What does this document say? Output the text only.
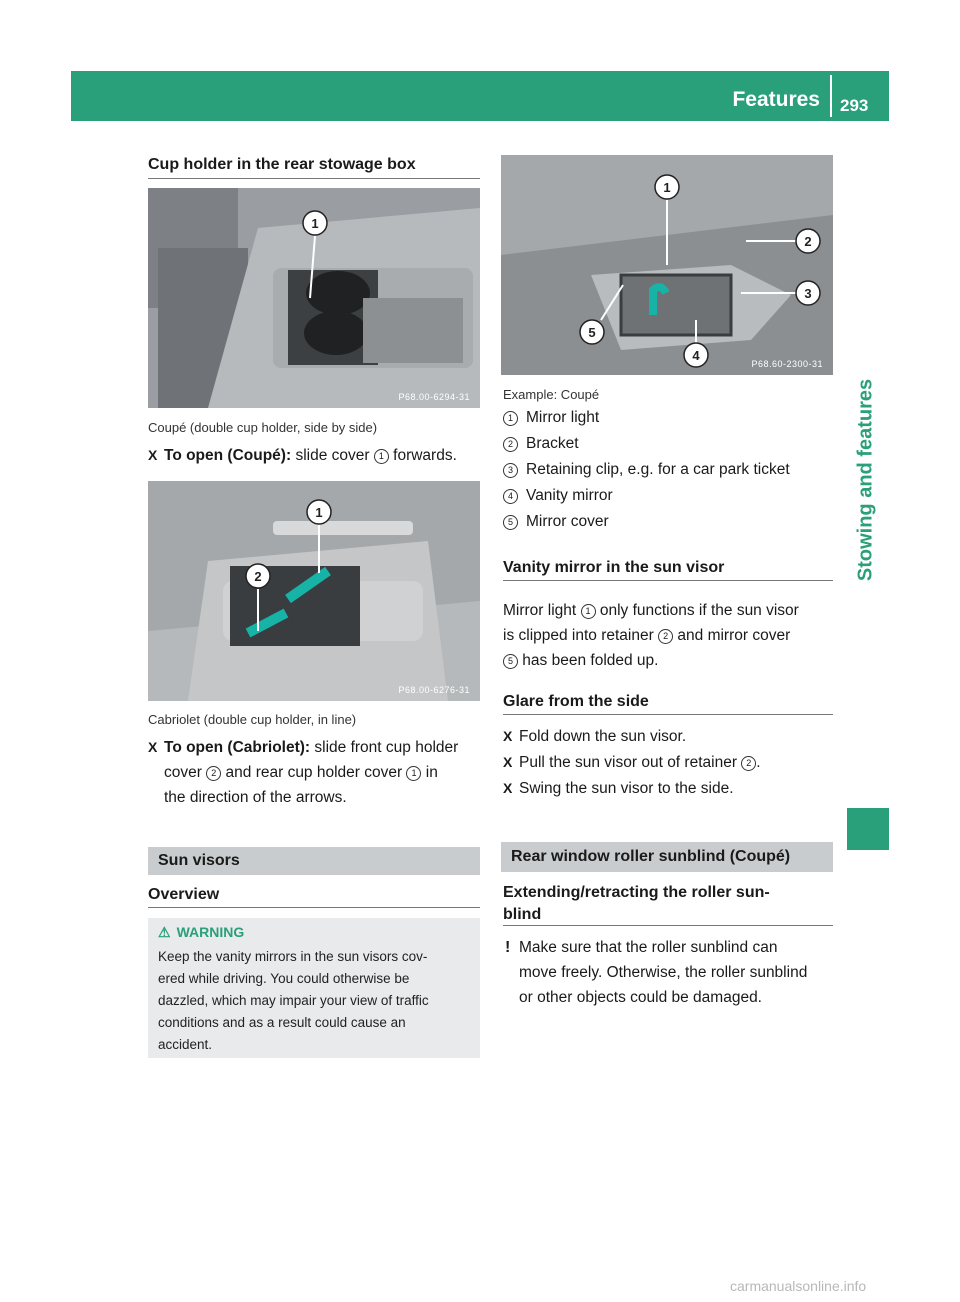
Features 293
Stowing and features
Cup holder in the rear stowage box
1
P68.00-6294-31
Coupé (double cup holder, side by side)
X To open (Coupé): slide cover 1 forwards.
1
2
P68.00-6276-31
Cabriolet (double cup holder, in line)
X To open (Cabriolet): slide front cup holder
cover 2 and rear cup holder cover 1 in
the direction of the arrows.
Sun visors
Overview
⚠ WARNING
Keep the vanity mirrors in the sun visors cov-
ered while driving. You could otherwise be
dazzled, which may impair your view of traffic
conditions and as a result could cause an
accident.
1
2
3
4
5
P68.60-2300-31
Example: Coupé
1 Mirror light
2 Bracket
3 Retaining clip, e.g. for a car park ticket
4 Vanity mirror
5 Mirror cover
Vanity mirror in the sun visor
Mirror light 1 only functions if the sun visor
is clipped into retainer 2 and mirror cover
5 has been folded up.
Glare from the side
X Fold down the sun visor.
X Pull the sun visor out of retainer 2 .
X Swing the sun visor to the side.
Rear window roller sunblind (Coupé)
Extending/retracting the roller sun-
blind
! Make sure that the roller sunblind can
move freely. Otherwise, the roller sunblind
or other objects could be damaged.
carmanualsonline.info
